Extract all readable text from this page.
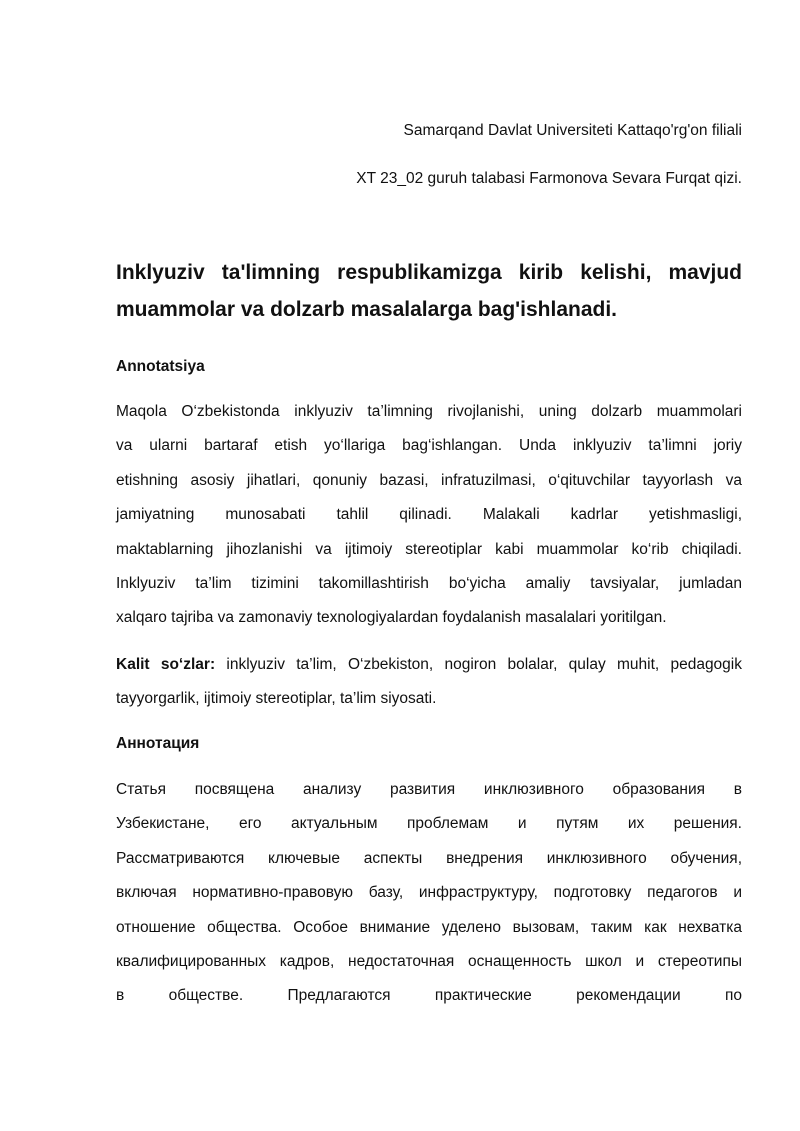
Samarqand Davlat Universiteti Kattaqo'rg'on filiali
XT 23_02 guruh talabasi Farmonova Sevara Furqat qizi.
Inklyuziv ta'limning respublikamizga kirib kelishi, mavjud
muammolar va dolzarb masalalarga bag'ishlanadi.
Annotatsiya
Maqola O‘zbekistonda inklyuziv ta’limning rivojlanishi, uning dolzarb muammolari
va ularni bartaraf etish yo‘llariga bag‘ishlangan. Unda inklyuziv ta’limni joriy
etishning asosiy jihatlari, qonuniy bazasi, infratuzilmasi, o‘qituvchilar tayyorlash va
jamiyatning munosabati tahlil qilinadi. Malakali kadrlar yetishmasligi,
maktablarning jihozlanishi va ijtimoiy stereotiplar kabi muammolar ko‘rib chiqiladi.
Inklyuziv ta’lim tizimini takomillashtirish bo‘yicha amaliy tavsiyalar, jumladan
xalqaro tajriba va zamonaviy texnologiyalardan foydalanish masalalari yoritilgan.
Kalit so‘zlar: inklyuziv ta’lim, O‘zbekiston, nogiron bolalar, qulay muhit, pedagogik
tayyorgarlik, ijtimoiy stereotiplar, ta’lim siyosati.
Аннотация
Статья посвящена анализу развития инклюзивного образования в
Узбекистане, его актуальным проблемам и путям их решения.
Рассматриваются ключевые аспекты внедрения инклюзивного обучения,
включая нормативно-правовую базу, инфраструктуру, подготовку педагогов и
отношение общества. Особое внимание уделено вызовам, таким как нехватка
квалифицированных кадров, недостаточная оснащенность школ и стереотипы
в обществе. Предлагаются практические рекомендации по
